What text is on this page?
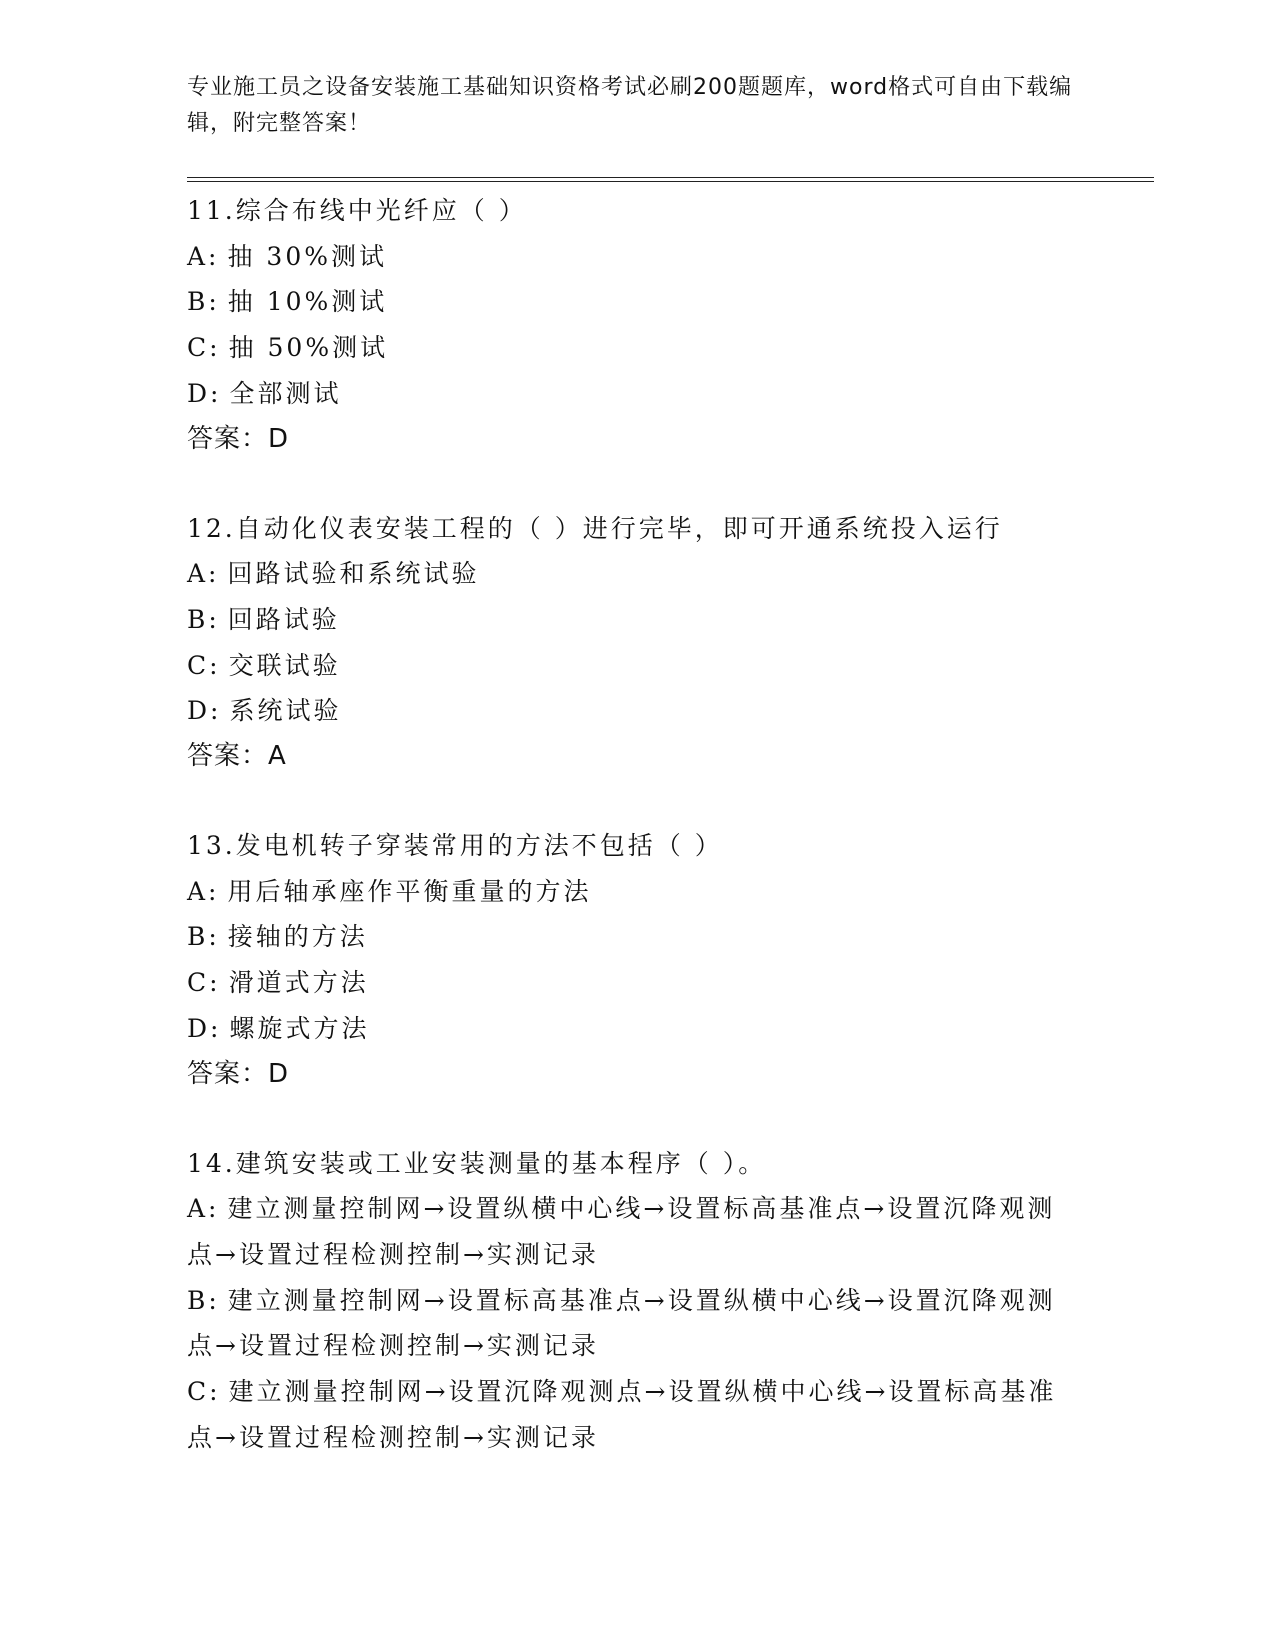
专业施工员之设备安装施工基础知识资格考试必刷200题题库，word格式可自由下载编辑，附完整答案！
11.综合布线中光纤应（ ）
A: 抽 30%测试
B: 抽 10%测试
C: 抽 50%测试
D: 全部测试
答案：D
12.自动化仪表安装工程的（ ）进行完毕，即可开通系统投入运行
A: 回路试验和系统试验
B: 回路试验
C: 交联试验
D: 系统试验
答案：A
13.发电机转子穿装常用的方法不包括（ ）
A: 用后轴承座作平衡重量的方法
B: 接轴的方法
C: 滑道式方法
D: 螺旋式方法
答案：D
14.建筑安装或工业安装测量的基本程序（ ）。
A: 建立测量控制网→设置纵横中心线→设置标高基准点→设置沉降观测点→设置过程检测控制→实测记录
B: 建立测量控制网→设置标高基准点→设置纵横中心线→设置沉降观测点→设置过程检测控制→实测记录
C: 建立测量控制网→设置沉降观测点→设置纵横中心线→设置标高基准点→设置过程检测控制→实测记录
